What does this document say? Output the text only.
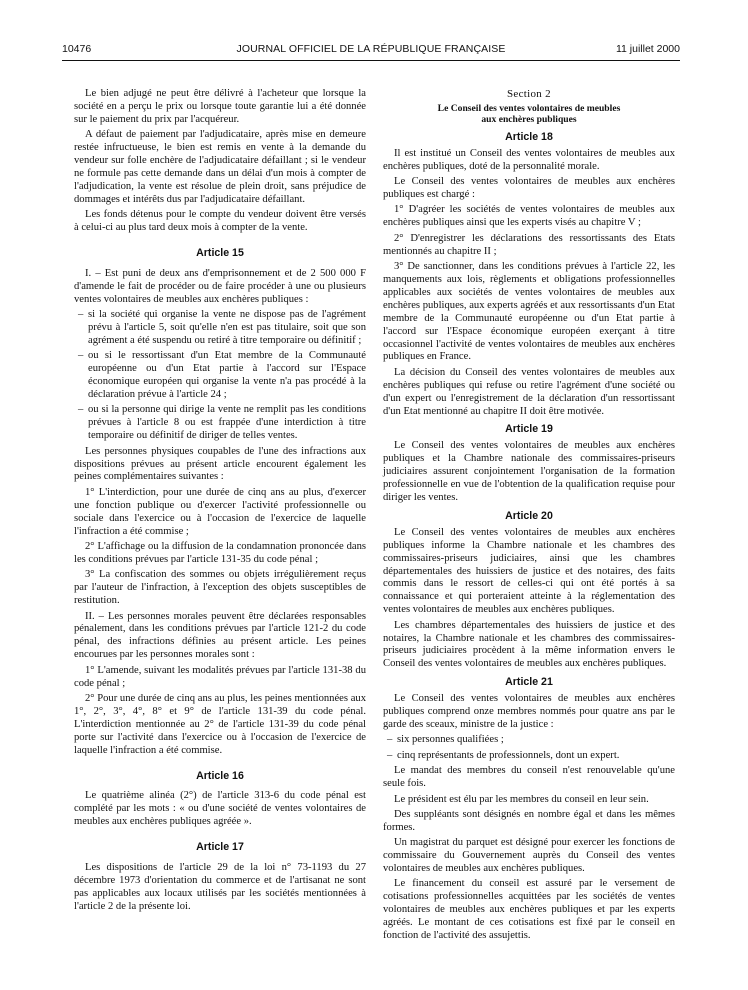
10476	JOURNAL OFFICIEL DE LA RÉPUBLIQUE FRANÇAISE	11 juillet 2000

Le bien adjugé ne peut être délivré à l'acheteur que lorsque la société en a perçu le prix ou lorsque toute garantie lui a été donnée sur le paiement du prix par l'acquéreur.

A défaut de paiement par l'adjudicataire, après mise en demeure restée infructueuse, le bien est remis en vente à la demande du vendeur sur folle enchère de l'adjudicataire défaillant ; si le vendeur ne formule pas cette demande dans un délai d'un mois à compter de l'adjudication, la vente est résolue de plein droit, sans préjudice de dommages et intérêts dus par l'adjudicataire défaillant.

Les fonds détenus pour le compte du vendeur doivent être versés à celui-ci au plus tard deux mois à compter de la vente.

Article 15

I. – Est puni de deux ans d'emprisonnement et de 2 500 000 F d'amende le fait de procéder ou de faire procéder à une ou plusieurs ventes volontaires de meubles aux enchères publiques :

– si la société qui organise la vente ne dispose pas de l'agrément prévu à l'article 5, soit qu'elle n'en est pas titulaire, soit que son agrément a été suspendu ou retiré à titre temporaire ou définitif ;

– ou si le ressortissant d'un Etat membre de la Communauté européenne ou d'un Etat partie à l'accord sur l'Espace économique européen qui organise la vente n'a pas procédé à la déclaration prévue à l'article 24 ;

– ou si la personne qui dirige la vente ne remplit pas les conditions prévues à l'article 8 ou est frappée d'une interdiction à titre temporaire ou définitif de diriger de telles ventes.

Les personnes physiques coupables de l'une des infractions aux dispositions prévues au présent article encourent également les peines complémentaires suivantes :

1° L'interdiction, pour une durée de cinq ans au plus, d'exercer une fonction publique ou d'exercer l'activité professionnelle ou sociale dans l'exercice ou à l'occasion de l'exercice de laquelle l'infraction a été commise ;

2° L'affichage ou la diffusion de la condamnation prononcée dans les conditions prévues par l'article 131-35 du code pénal ;

3° La confiscation des sommes ou objets irrégulièrement reçus par l'auteur de l'infraction, à l'exception des objets susceptibles de restitution.

II. – Les personnes morales peuvent être déclarées responsables pénalement, dans les conditions prévues par l'article 121-2 du code pénal, des infractions définies au présent article. Les peines encourues par les personnes morales sont :

1° L'amende, suivant les modalités prévues par l'article 131-38 du code pénal ;

2° Pour une durée de cinq ans au plus, les peines mentionnées aux 1°, 2°, 3°, 4°, 8° et 9° de l'article 131-39 du code pénal. L'interdiction mentionnée au 2° de l'article 131-39 du code pénal porte sur l'activité dans l'exercice ou à l'occasion de l'exercice de laquelle l'infraction a été commise.

Article 16

Le quatrième alinéa (2°) de l'article 313-6 du code pénal est complété par les mots : « ou d'une société de ventes volontaires de meubles aux enchères publiques agréée ».

Article 17

Les dispositions de l'article 29 de la loi n° 73-1193 du 27 décembre 1973 d'orientation du commerce et de l'artisanat ne sont pas applicables aux locaux utilisés par les sociétés mentionnées à l'article 2 de la présente loi.

Section 2
Le Conseil des ventes volontaires de meubles
aux enchères publiques
Article 18

Il est institué un Conseil des ventes volontaires de meubles aux enchères publiques, doté de la personnalité morale.

Le Conseil des ventes volontaires de meubles aux enchères publiques est chargé :

1° D'agréer les sociétés de ventes volontaires de meubles aux enchères publiques ainsi que les experts visés au chapitre V ;

2° D'enregistrer les déclarations des ressortissants des Etats mentionnés au chapitre II ;

3° De sanctionner, dans les conditions prévues à l'article 22, les manquements aux lois, règlements et obligations professionnelles applicables aux sociétés de ventes volontaires de meubles aux enchères publiques, aux experts agréés et aux ressortissants d'un Etat membre de la Communauté européenne ou d'un Etat partie à l'accord sur l'Espace économique européen exerçant à titre occasionnel l'activité de ventes volontaires de meubles aux enchères publiques en France.

La décision du Conseil des ventes volontaires de meubles aux enchères publiques qui refuse ou retire l'agrément d'une société ou d'un expert ou l'enregistrement de la déclaration d'un ressortissant d'un Etat mentionné au chapitre II doit être motivée.

Article 19

Le Conseil des ventes volontaires de meubles aux enchères publiques et la Chambre nationale des commissaires-priseurs judiciaires assurent conjointement l'organisation de la formation professionnelle en vue de l'obtention de la qualification requise pour diriger les ventes.

Article 20

Le Conseil des ventes volontaires de meubles aux enchères publiques informe la Chambre nationale et les chambres des commissaires-priseurs judiciaires, ainsi que les chambres départementales des huissiers de justice et des notaires, des faits commis dans le ressort de celles-ci qui ont été portés à sa connaissance et qui porteraient atteinte à la réglementation des ventes volontaires de meubles aux enchères publiques.

Les chambres départementales des huissiers de justice et des notaires, la Chambre nationale et les chambres des commissaires-priseurs judiciaires procèdent à la même information envers le Conseil des ventes volontaires de meubles aux enchères publiques.

Article 21

Le Conseil des ventes volontaires de meubles aux enchères publiques comprend onze membres nommés pour quatre ans par le garde des sceaux, ministre de la justice :

– six personnes qualifiées ;

– cinq représentants de professionnels, dont un expert.

Le mandat des membres du conseil n'est renouvelable qu'une seule fois.

Le président est élu par les membres du conseil en leur sein.

Des suppléants sont désignés en nombre égal et dans les mêmes formes.

Un magistrat du parquet est désigné pour exercer les fonctions de commissaire du Gouvernement auprès du Conseil des ventes volontaires de meubles aux enchères publiques.

Le financement du conseil est assuré par le versement de cotisations professionnelles acquittées par les sociétés de ventes volontaires de meubles aux enchères publiques et par les experts agréés. Le montant de ces cotisations est fixé par le conseil en fonction de l'activité des assujettis.
